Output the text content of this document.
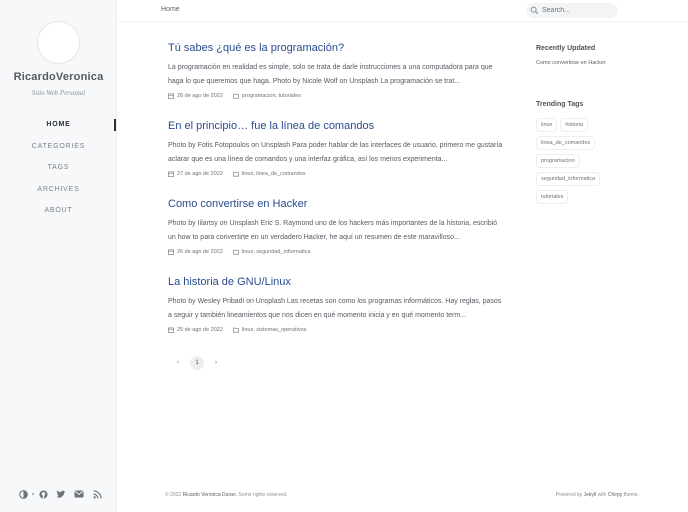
RicardoVeronica
Sitio Web Personal
HOME
CATEGORIES
TAGS
ARCHIVES
ABOUT
Home
Search...
Tú sabes ¿qué es la programación?

La programación en realidad es simple, solo se trata de darle instrucciones a una computadora para que haga lo que queremos que haga. Photo by Nicole Wolf on Unsplash La programación se trat...

28 de ago de 2022	programacion, tutoriales
En el principio… fue la línea de comandos

Photo by Fotis Fotopoulos on Unsplash Para poder hablar de las interfaces de usuario, primero me gustaría aclarar que es una línea de comandos y una interfaz gráfica, así los menos experimenta...

27 de ago de 2022	linux, linea_de_comandos
Como convertirse en Hacker

Photo by Iilartsy on Unsplash Eric S. Raymond uno de los hackers más importantes de la historia, escribió un how to para convertirte en un verdadero Hacker, he aquí un resumen de este maravilloso...

26 de ago de 2022	linux, seguridad_informatica
La historia de GNU/Linux

Photo by Wesley Pribadi on Unsplash Las recetas son como los programas informáticos. Hay reglas, pasos a seguir y también lineamientos que nos dicen en qué momento inicia y en qué momento term...

25 de ago de 2022	linux, sistemas_operativos
‹	1	›
Recently Updated
Como convertirse en Hacker
Trending Tags
linux	historia
linea_de_comandos
programacion
seguridad_informatica
tutoriales
© 2022 Ricardo Veronica Duran. Some rights reserved.	Powered by Jekyll with Chirpy theme.
